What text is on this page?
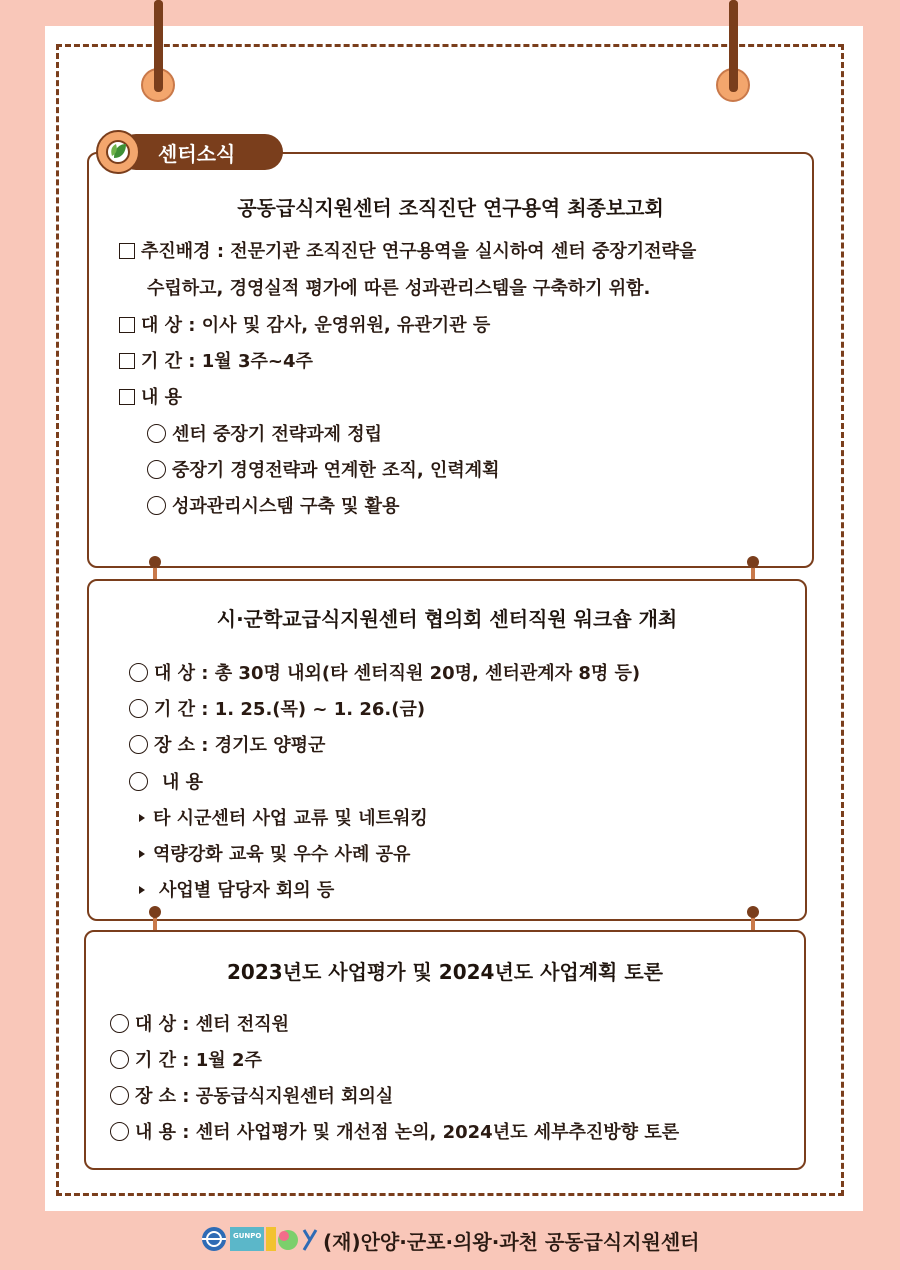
공동급식지원센터 조직진단 연구용역 최종보고회
추진배경 : 전문기관 조직진단 연구용역을 실시하여 센터 중장기전략을
수립하고, 경영실적 평가에 따른 성과관리스템을 구축하기 위함.
대 상 : 이사 및 감사, 운영위원, 유관기관 등
기 간 : 1월 3주~4주
내 용
센터 중장기 전략과제 정립
중장기 경영전략과 연계한 조직, 인력계획
성과관리시스템 구축 및 활용
센터소식
시·군학교급식지원센터 협의회 센터직원 워크숍 개최
대 상 : 총 30명 내외(타 센터직원 20명, 센터관계자 8명 등)
기 간 : 1. 25.(목) ~ 1. 26.(금)
장 소 : 경기도 양평군
내 용
타 시군센터 사업 교류 및 네트워킹
역량강화 교육 및 우수 사례 공유
사업별 담당자 회의 등
2023년도 사업평가 및 2024년도 사업계획 토론
대 상 : 센터 전직원
기 간 : 1월 2주
장 소 : 공동급식지원센터 회의실
내 용 : 센터 사업평가 및 개선점 논의, 2024년도 세부추진방향 토론
GUNPO	(재)안양·군포·의왕·과천 공동급식지원센터
